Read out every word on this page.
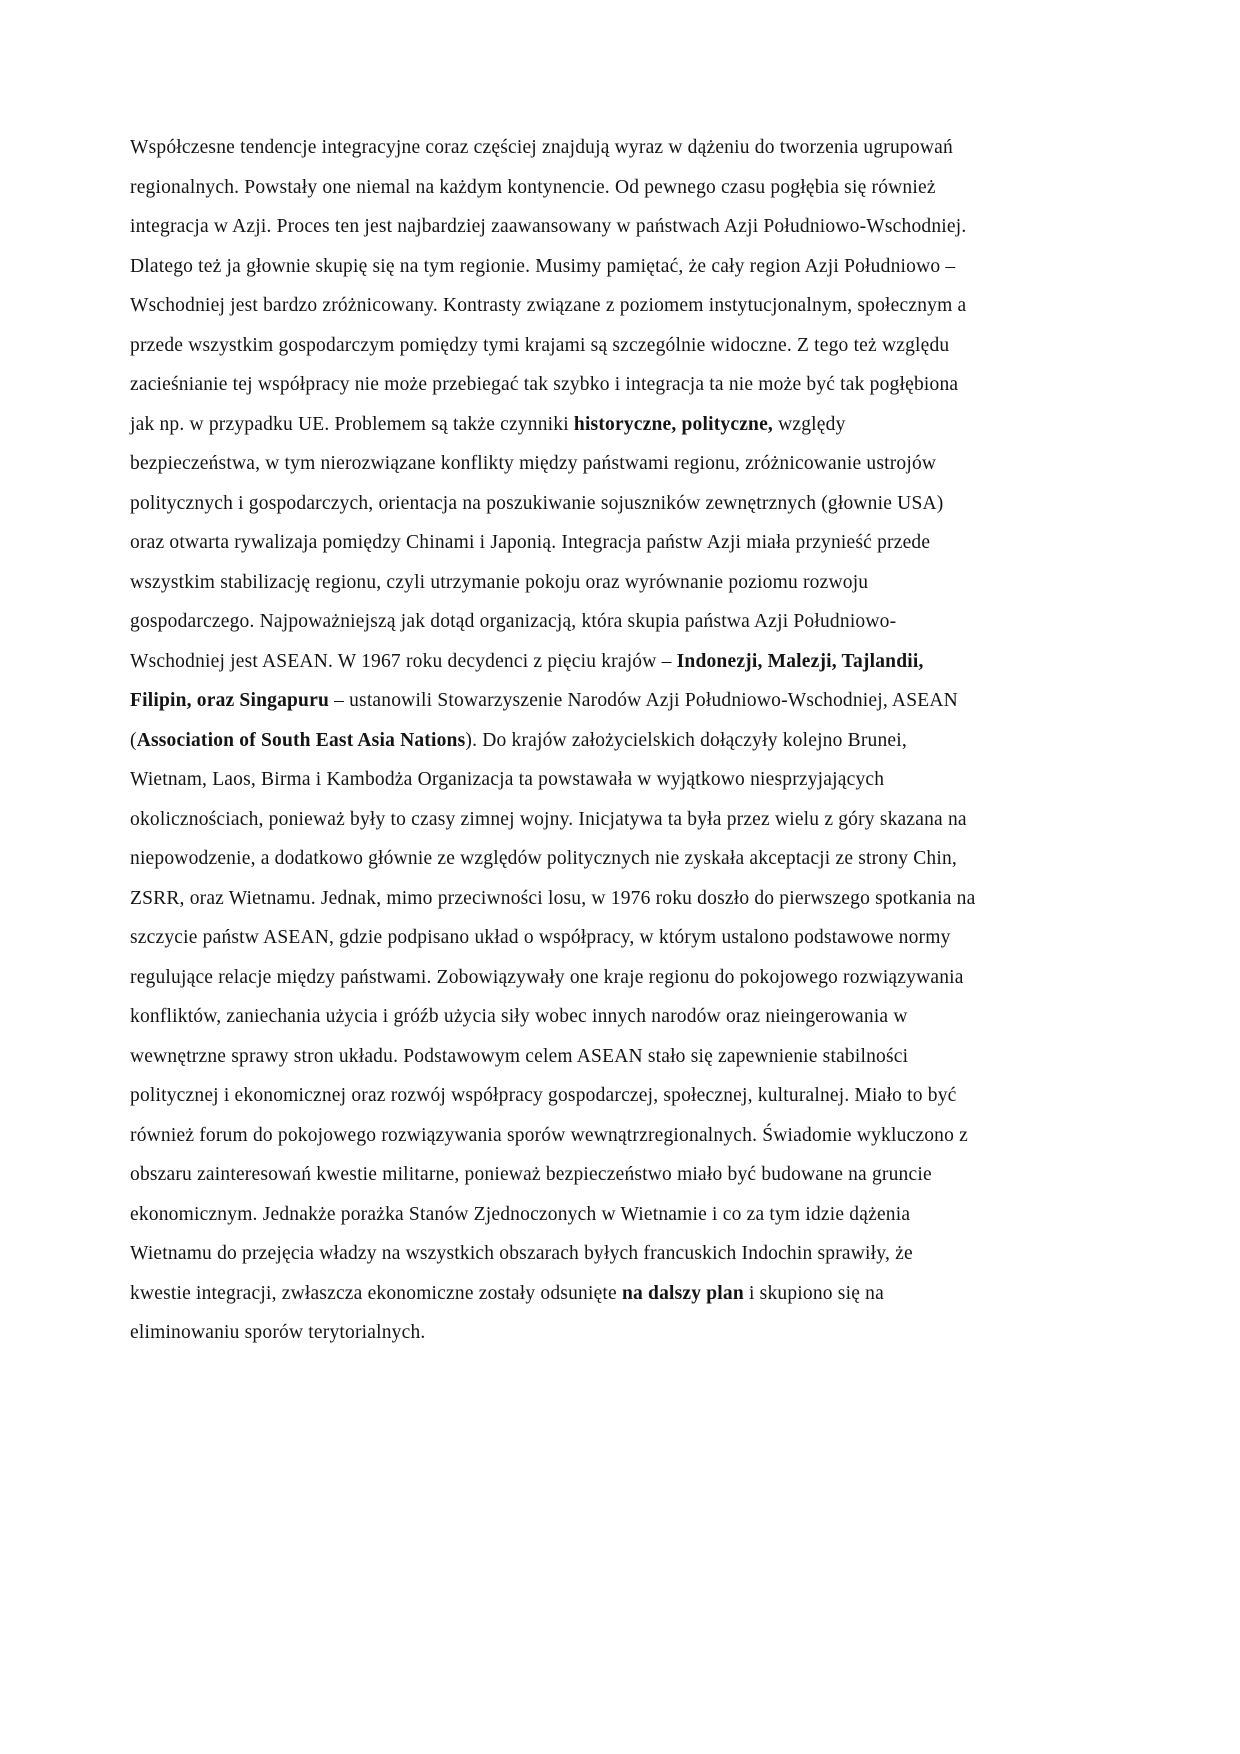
Współczesne tendencje integracyjne coraz częściej znajdują wyraz w dążeniu do tworzenia ugrupowań regionalnych. Powstały one niemal na każdym kontynencie. Od pewnego czasu pogłębia się również integracja w Azji. Proces ten jest najbardziej zaawansowany w państwach Azji Południowo-Wschodniej. Dlatego też ja głownie skupię się na tym regionie. Musimy pamiętać, że cały region Azji Południowo – Wschodniej jest bardzo zróżnicowany. Kontrasty związane z poziomem instytucjonalnym, społecznym a przede wszystkim gospodarczym pomiędzy tymi krajami są szczególnie widoczne. Z tego też względu zacieśnianie tej współpracy nie może przebiegać tak szybko i integracja ta nie może być tak pogłębiona jak np. w przypadku UE. Problemem są także czynniki historyczne, polityczne, względy bezpieczeństwa, w tym nierozwiązane konflikty między państwami regionu, zróżnicowanie ustrojów politycznych i gospodarczych, orientacja na poszukiwanie sojuszników zewnętrznych (głownie USA) oraz otwarta rywalizaja pomiędzy Chinami i Japonią. Integracja państw Azji miała przynieść przede wszystkim stabilizację regionu, czyli utrzymanie pokoju oraz wyrównanie poziomu rozwoju gospodarczego. Najpoważniejszą jak dotąd organizacją, która skupia państwa Azji Południowo-Wschodniej jest ASEAN. W 1967 roku decydenci z pięciu krajów – Indonezji, Malezji, Tajlandii, Filipin, oraz Singapuru – ustanowili Stowarzyszenie Narodów Azji Południowo-Wschodniej, ASEAN (Association of South East Asia Nations). Do krajów założycielskich dołączyły kolejno Brunei, Wietnam, Laos, Birma i Kambodża Organizacja ta powstawała w wyjątkowo niesprzyjających okolicznościach, ponieważ były to czasy zimnej wojny. Inicjatywa ta była przez wielu z góry skazana na niepowodzenie, a dodatkowo głównie ze względów politycznych nie zyskała akceptacji ze strony Chin, ZSRR, oraz Wietnamu. Jednak, mimo przeciwności losu, w 1976 roku doszło do pierwszego spotkania na szczycie państw ASEAN, gdzie podpisano układ o współpracy, w którym ustalono podstawowe normy regulujące relacje między państwami. Zobowiązywały one kraje regionu do pokojowego rozwiązywania konfliktów, zaniechania użycia i gróźb użycia siły wobec innych narodów oraz nieingerowania w wewnętrzne sprawy stron układu. Podstawowym celem ASEAN stało się zapewnienie stabilności politycznej i ekonomicznej oraz rozwój współpracy gospodarczej, społecznej, kulturalnej. Miało to być również forum do pokojowego rozwiązywania sporów wewnątrzregionalnych. Świadomie wykluczono z obszaru zainteresowań kwestie militarne, ponieważ bezpieczeństwo miało być budowane na gruncie ekonomicznym. Jednakże porażka Stanów Zjednoczonych w Wietnamie i co za tym idzie dążenia Wietnamu do przejęcia władzy na wszystkich obszarach byłych francuskich Indochin sprawiły, że kwestie integracji, zwłaszcza ekonomiczne zostały odsunięte na dalszy plan i skupiono się na eliminowaniu sporów terytorialnych.
